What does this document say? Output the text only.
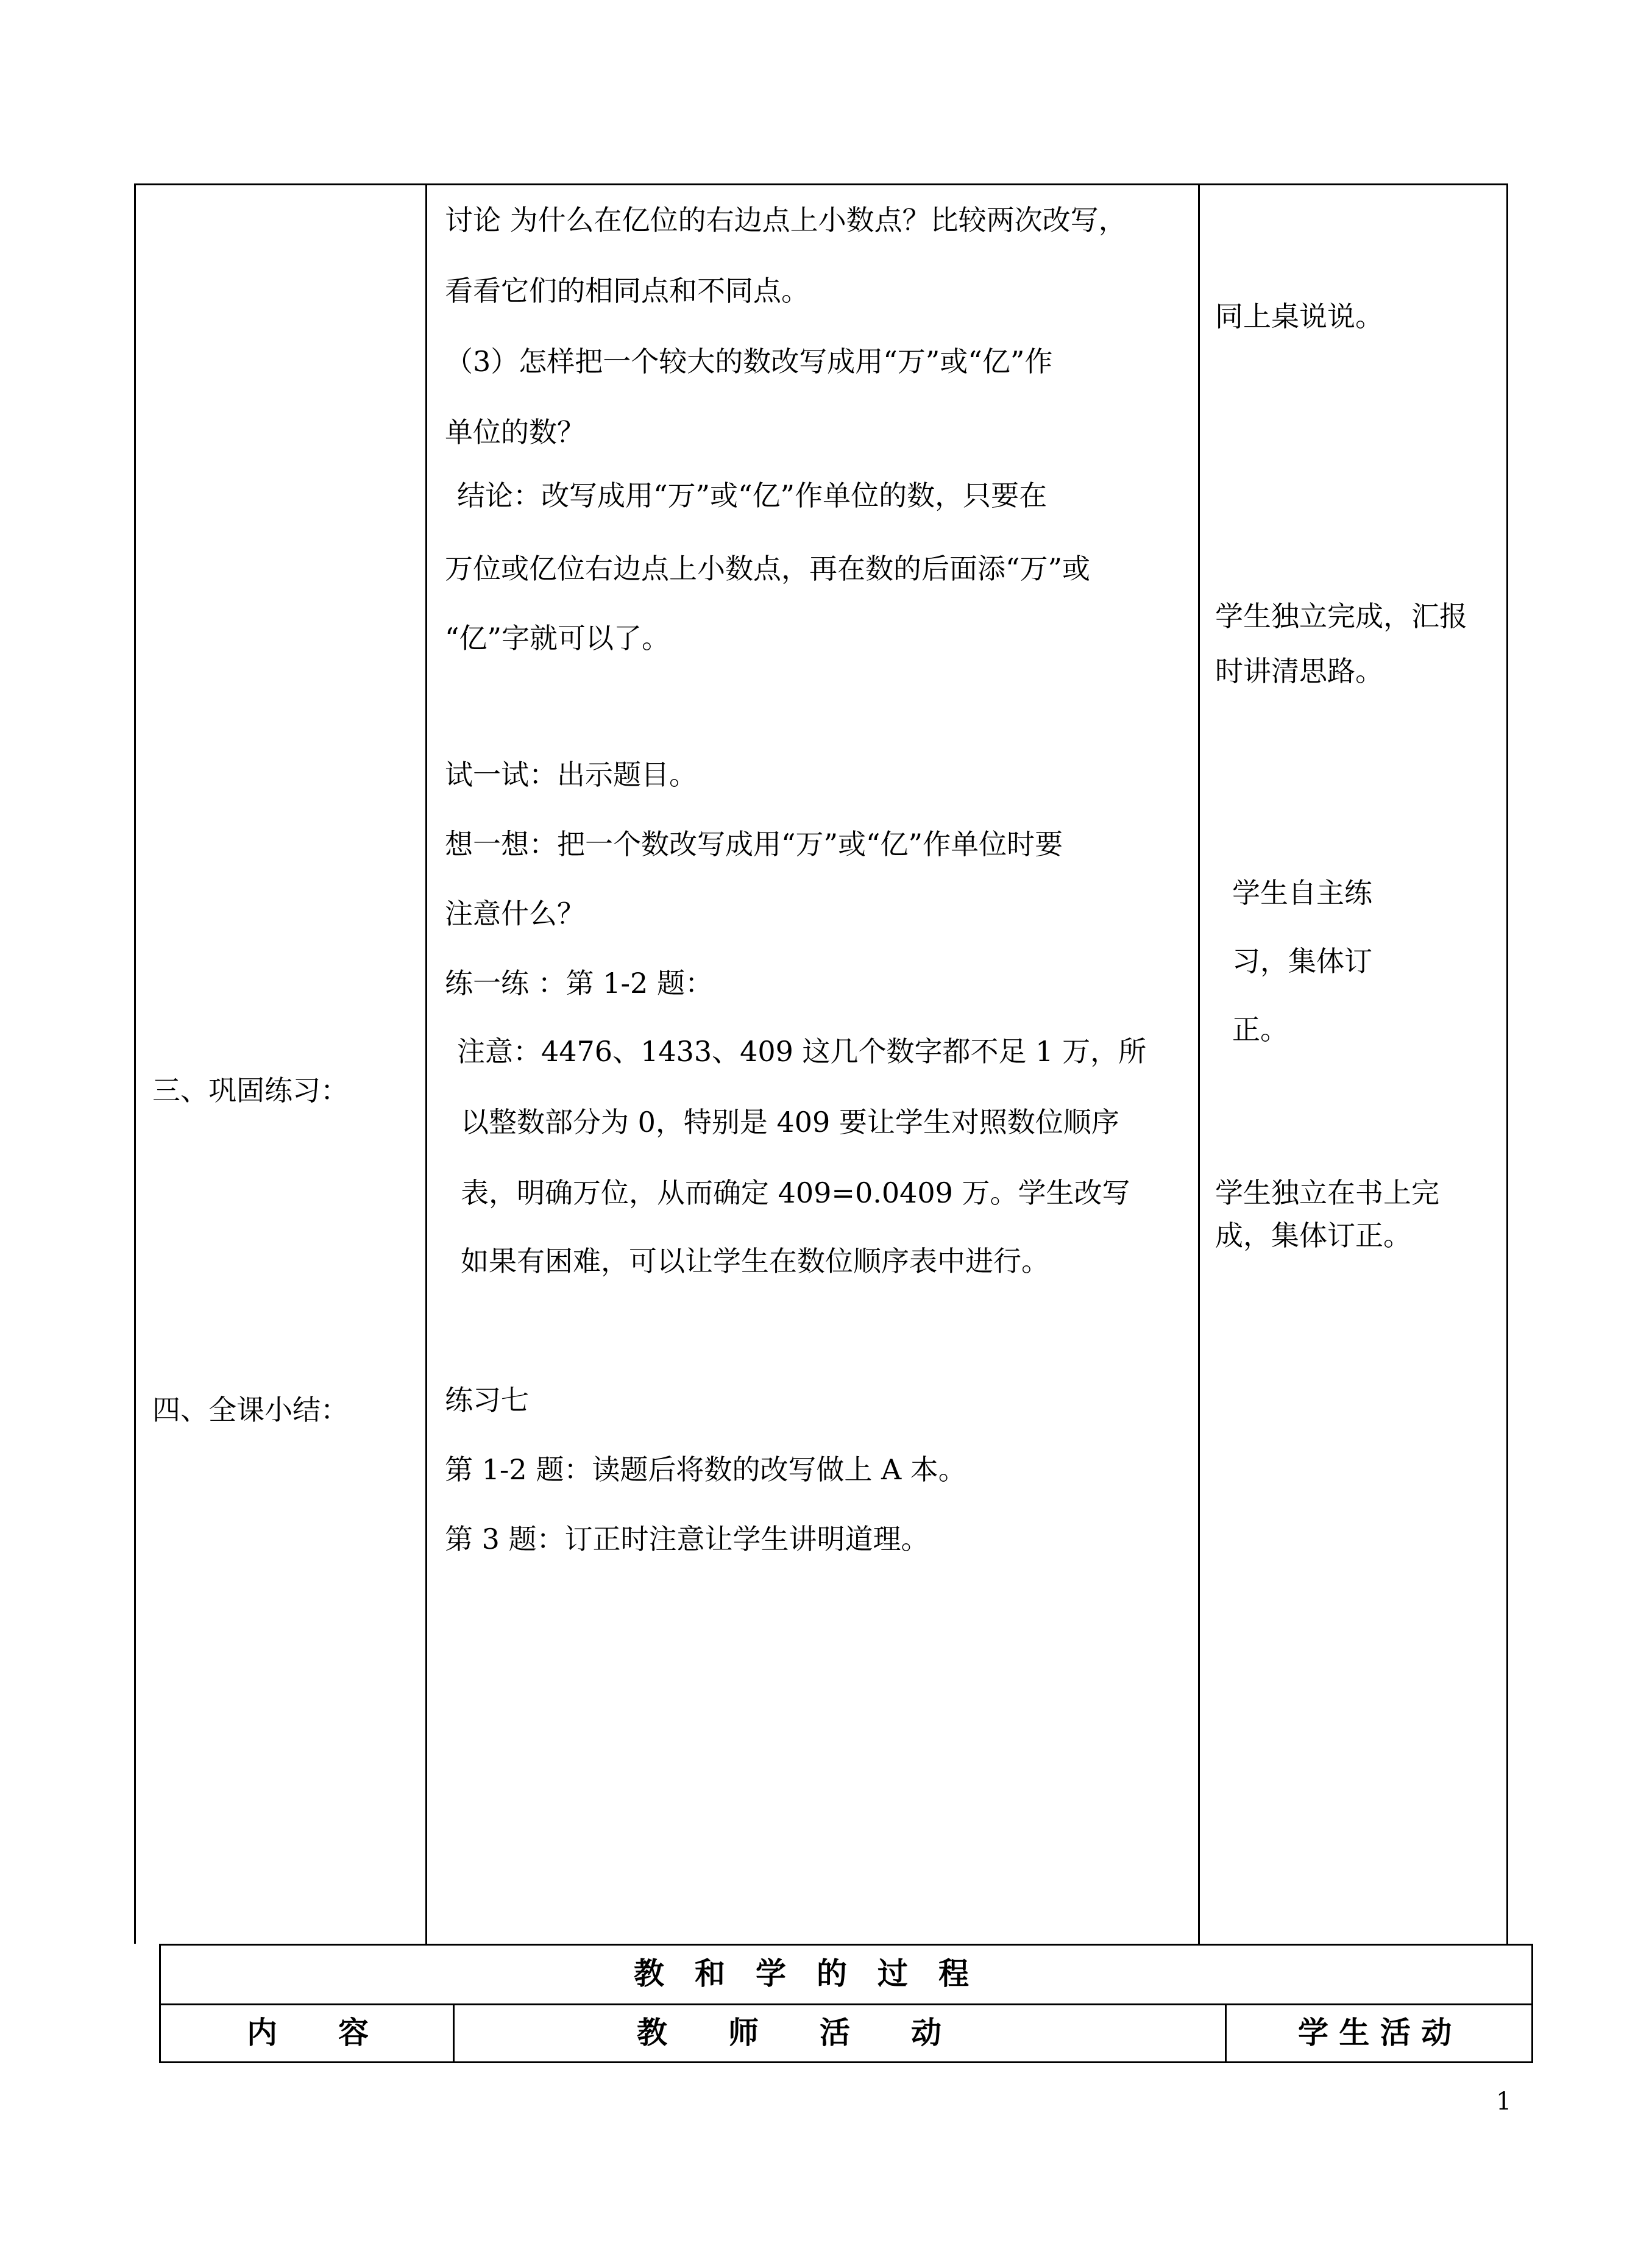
三、巩固练习：
四、全课小结：
讨论 为什么在亿位的右边点上小数点？比较两次改写，
看看它们的相同点和不同点。
（3）怎样把一个较大的数改写成用“万”或“亿”作
单位的数？
结论：改写成用“万”或“亿”作单位的数，只要在
万位或亿位右边点上小数点，再在数的后面添“万”或
“亿”字就可以了。
试一试：出示题目。
想一想：把一个数改写成用“万”或“亿”作单位时要
注意什么？
练一练 ：第 1-2 题：
注意：4476、1433、409 这几个数字都不足 1 万，所
以整数部分为 0，特别是 409 要让学生对照数位顺序
表，明确万位，从而确定 409=0.0409 万。学生改写
如果有困难，可以让学生在数位顺序表中进行。
练习七
第 1-2 题：读题后将数的改写做上 A 本。
第 3 题：订正时注意让学生讲明道理。
同上桌说说。
学生独立完成，汇报
时讲清思路。
学生自主练
习，集体订
正。
学生独立在书上完
成，集体订正。
教　和　学　的　过　程
内　　容	教　　师　　活　　动	学 生 活 动
1
